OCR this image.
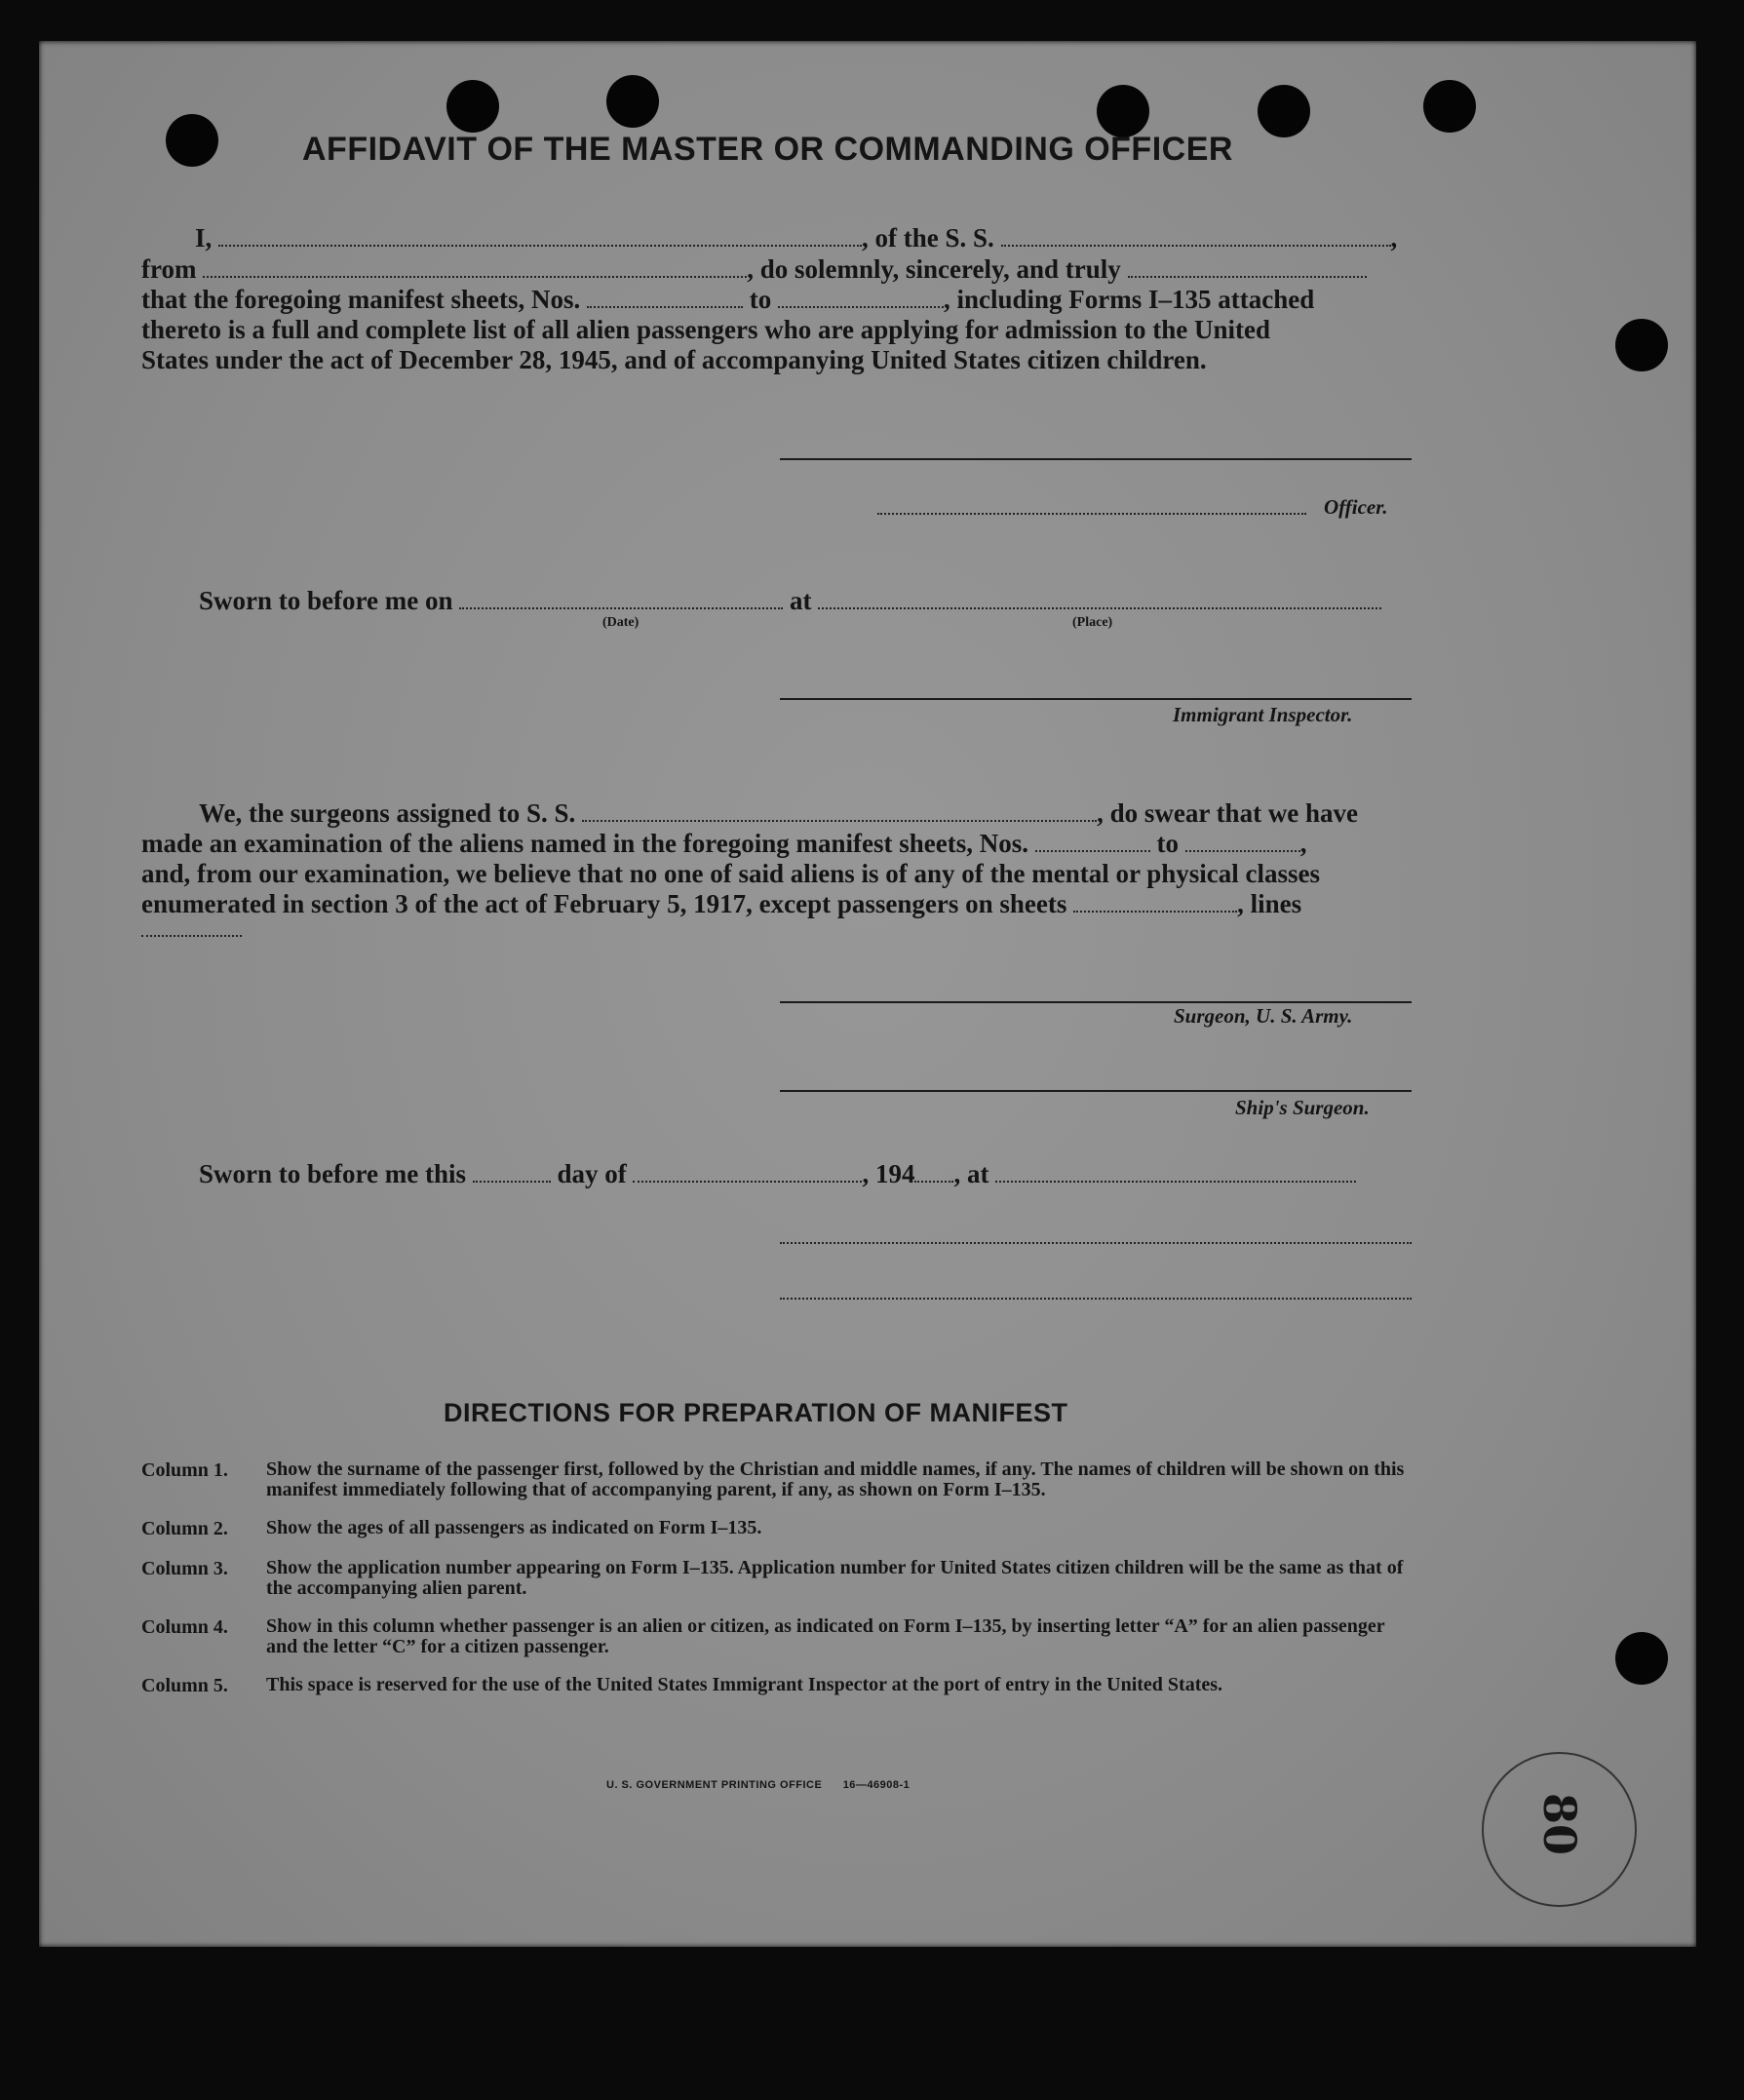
AFFIDAVIT OF THE MASTER OR COMMANDING OFFICER
I,	, of the S. S.	,
from	, do solemnly, sincerely, and truly
that the foregoing manifest sheets, Nos.	to	, including Forms I–135 attached
thereto is a full and complete list of all alien passengers who are applying for admission to the United
States under the act of December 28, 1945, and of accompanying United States citizen children.
Officer.
Sworn to before me on	at
(Date)	(Place)
Immigrant Inspector.
We, the surgeons assigned to S. S.	, do swear that we have
made an examination of the aliens named in the foregoing manifest sheets, Nos.	to	,
and, from our examination, we believe that no one of said aliens is of any of the mental or physical classes
enumerated in section 3 of the act of February 5, 1917, except passengers on sheets	, lines
Surgeon, U. S. Army.
Ship's Surgeon.
Sworn to before me this	day of	, 194 , at
DIRECTIONS FOR PREPARATION OF MANIFEST
Column 1.	Show the surname of the passenger first, followed by the Christian and middle names, if any. The names of children will be shown on this manifest immediately following that of accompanying parent, if any, as shown on Form I–135.
Column 2.	Show the ages of all passengers as indicated on Form I–135.
Column 3.	Show the application number appearing on Form I–135. Application number for United States citizen children will be the same as that of the accompanying alien parent.
Column 4.	Show in this column whether passenger is an alien or citizen, as indicated on Form I–135, by inserting letter “A” for an alien passenger and the letter “C” for a citizen passenger.
Column 5.	This space is reserved for the use of the United States Immigrant Inspector at the port of entry in the United States.
U. S. GOVERNMENT PRINTING OFFICE 16—46908-1
80
